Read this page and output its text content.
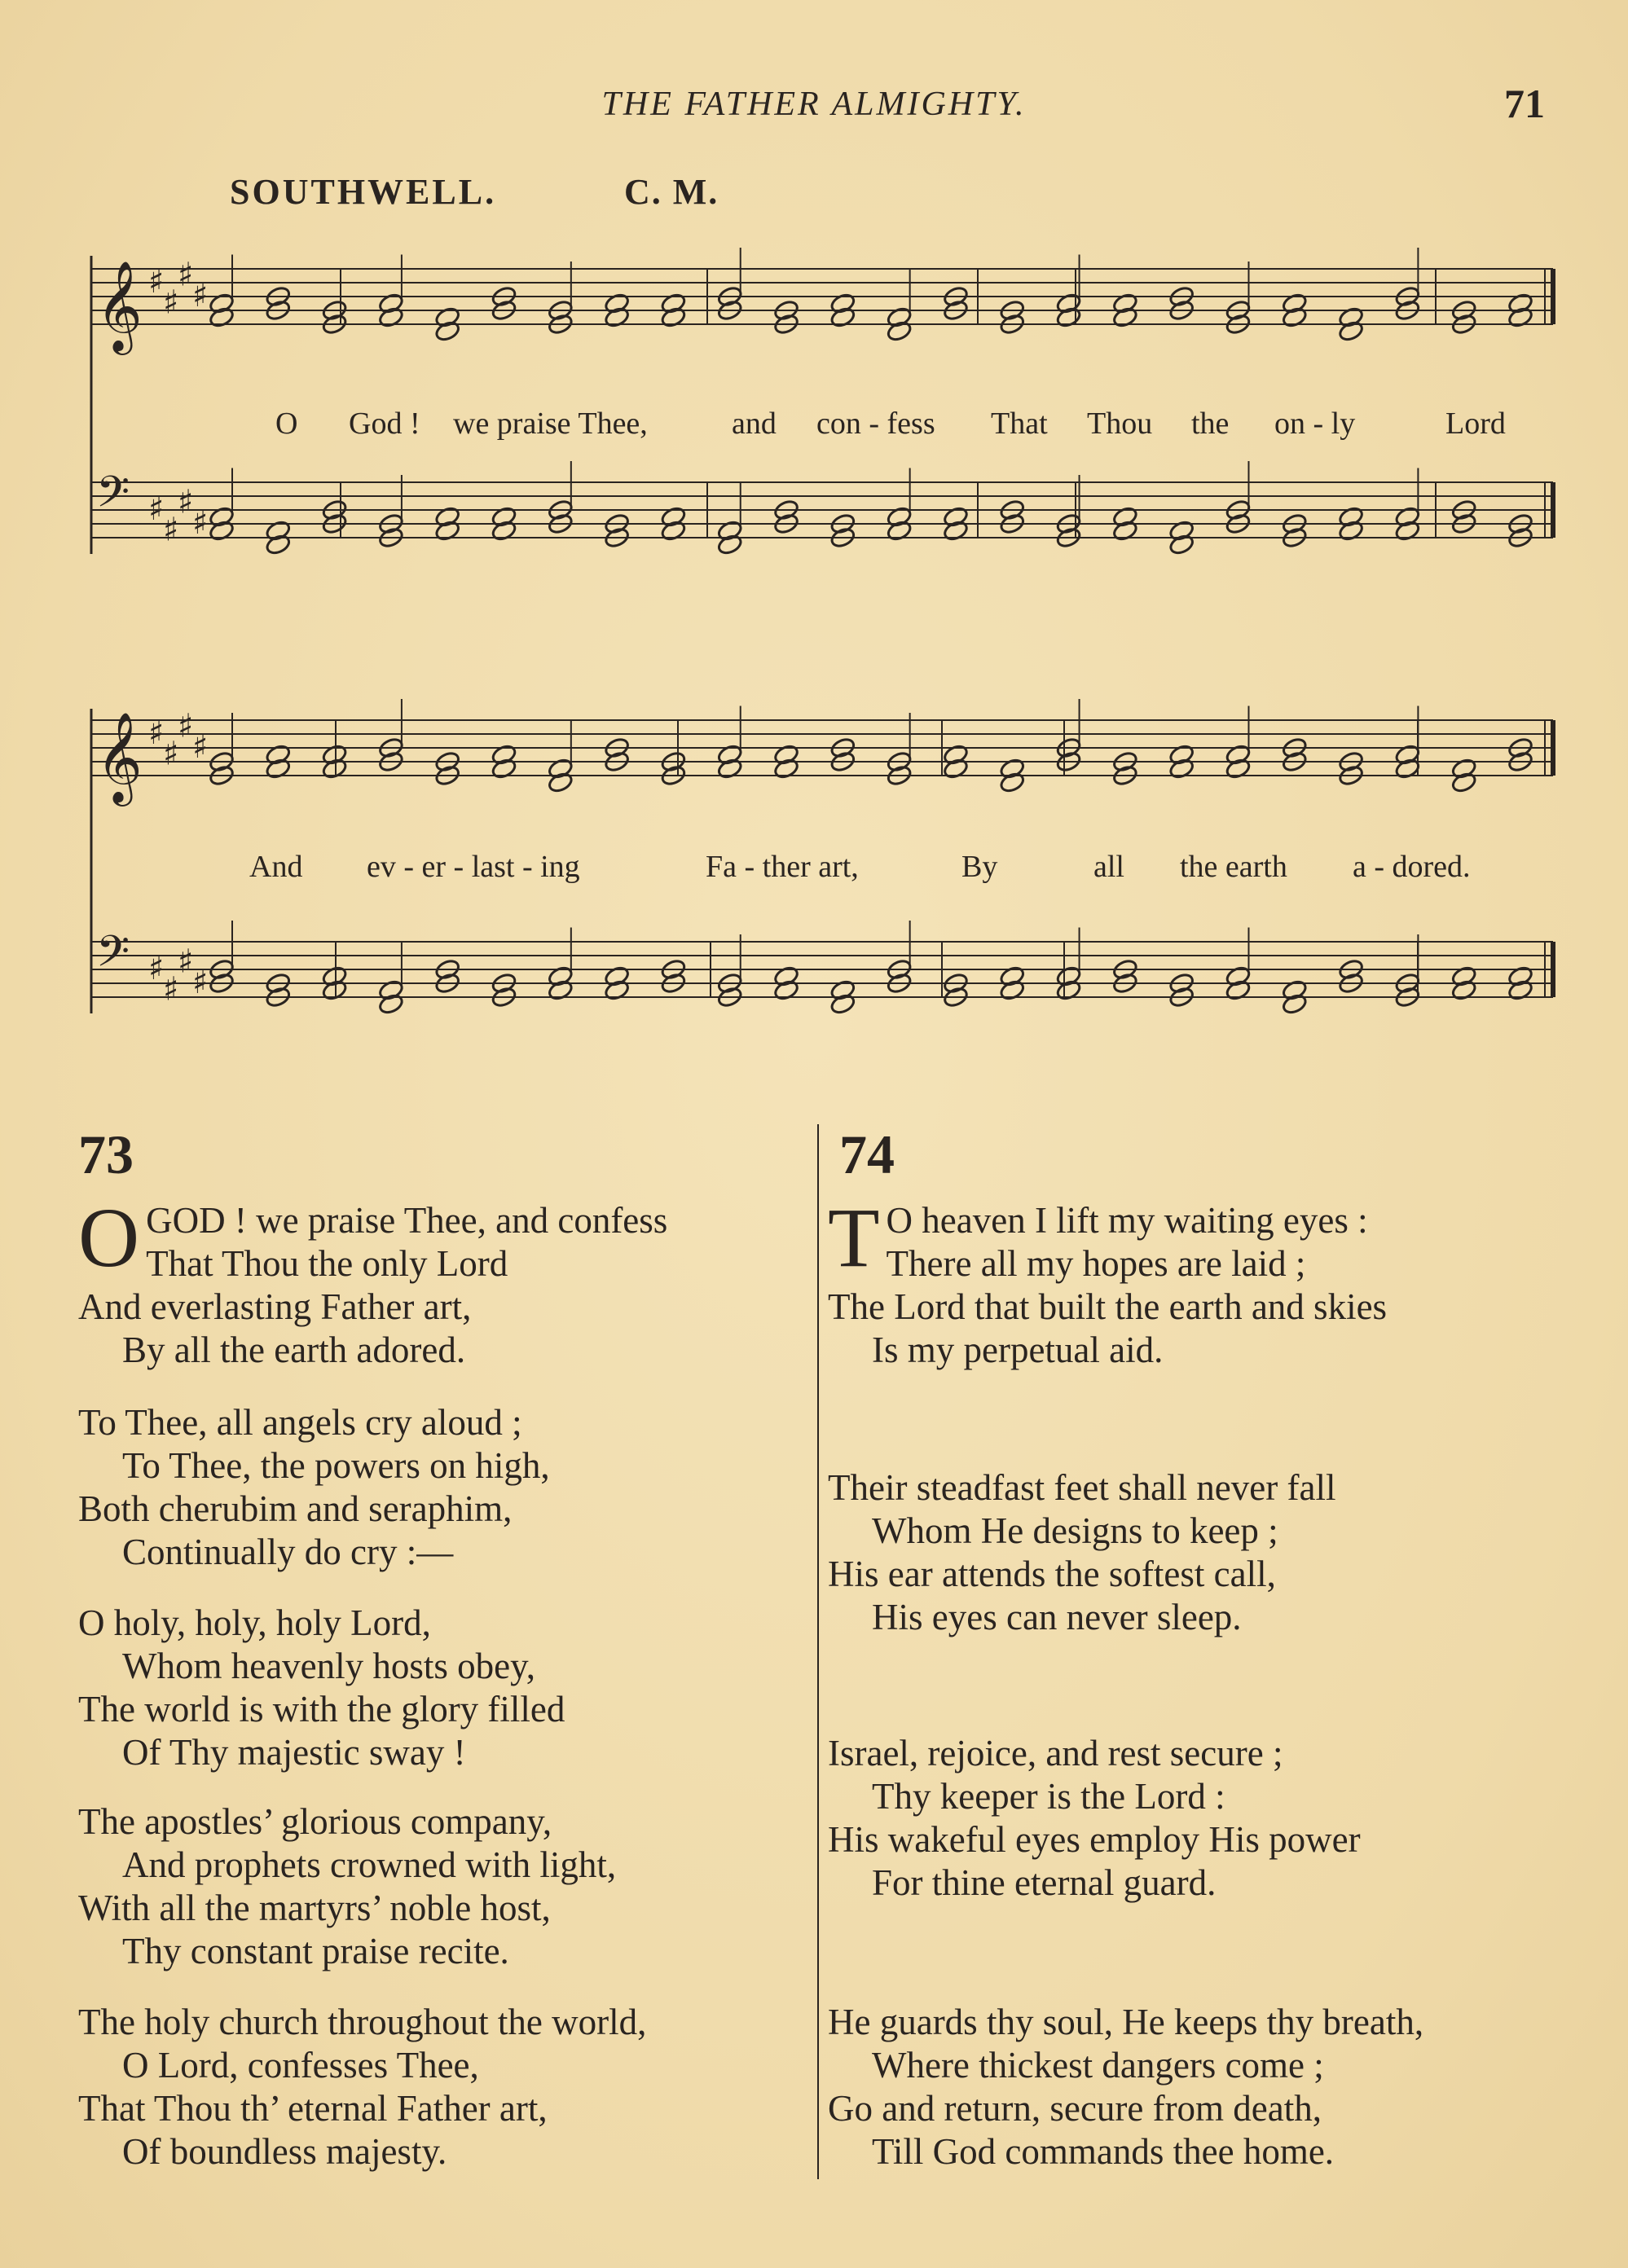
THE FATHER ALMIGHTY.	71
SOUTHWELL.	C. M.
𝄞 ♯
♯
♯
♯
𝄢 ♯
♯
♯
♯
𝄞 ♯
♯
♯
♯
𝄢 ♯
♯
♯
♯
O God ! we praise Thee,	and con - fess That Thou the on - ly	Lord
And ev - er - last - ing	Fa - ther art,	By	all the earth a - dored.
73
O GOD ! we praise Thee, and confess
That Thou the only Lord
And everlasting Father art,
By all the earth adored.
To Thee, all angels cry aloud ;
To Thee, the powers on high,
Both cherubim and seraphim,
Continually do cry :—
O holy, holy, holy Lord,
Whom heavenly hosts obey,
The world is with the glory filled
Of Thy majestic sway !
The apostles’ glorious company,
And prophets crowned with light,
With all the martyrs’ noble host,
Thy constant praise recite.
The holy church throughout the world,
O Lord, confesses Thee,
That Thou th’ eternal Father art,
Of boundless majesty.
74
T O heaven I lift my waiting eyes :
There all my hopes are laid ;
The Lord that built the earth and skies
Is my perpetual aid.
Their steadfast feet shall never fall
Whom He designs to keep ;
His ear attends the softest call,
His eyes can never sleep.
Israel, rejoice, and rest secure ;
Thy keeper is the Lord :
His wakeful eyes employ His power
For thine eternal guard.
He guards thy soul, He keeps thy breath,
Where thickest dangers come ;
Go and return, secure from death,
Till God commands thee home.
